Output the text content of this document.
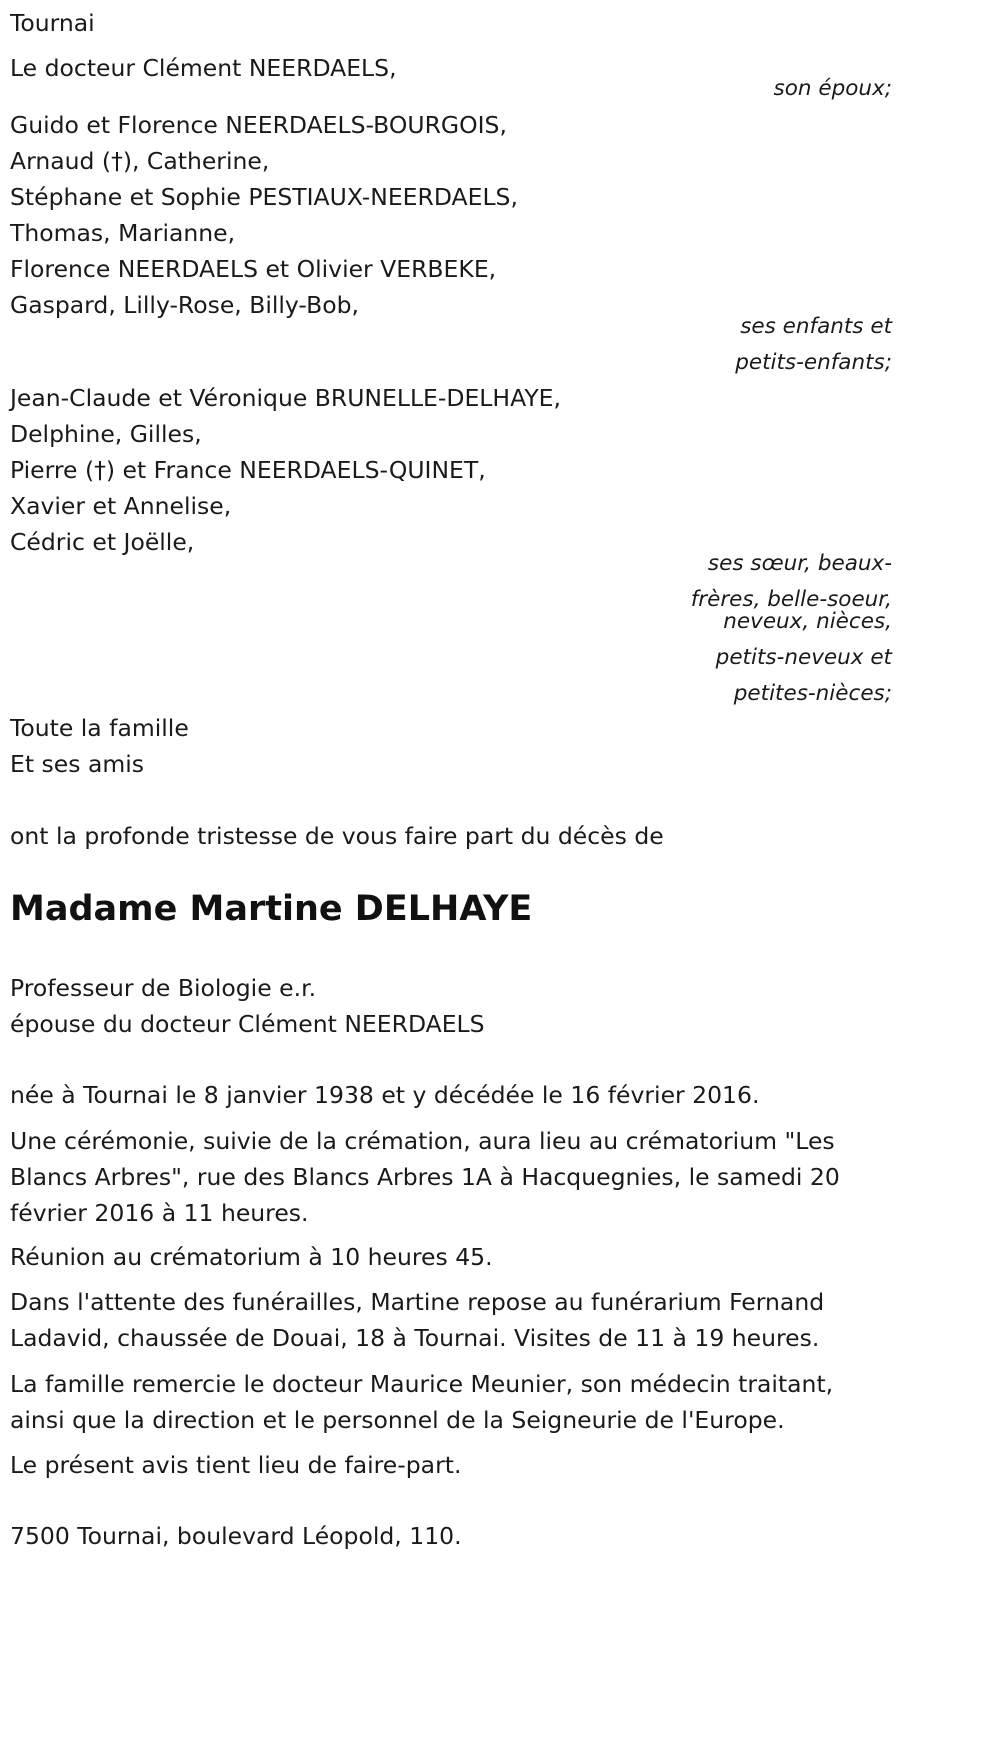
Tournai
Le docteur Clément NEERDAELS,
son époux;
Guido et Florence NEERDAELS-BOURGOIS,
Arnaud (†), Catherine,
Stéphane et Sophie PESTIAUX-NEERDAELS,
Thomas, Marianne,
Florence NEERDAELS et Olivier VERBEKE,
Gaspard, Lilly-Rose, Billy-Bob,
ses enfants et
petits-enfants;
Jean-Claude et Véronique BRUNELLE-DELHAYE,
Delphine, Gilles,
Pierre (†) et France NEERDAELS-QUINET,
Xavier et Annelise,
Cédric et Joëlle,
ses sœur, beaux-
frères, belle-soeur,
neveux, nièces,
petits-neveux et
petites-nièces;
Toute la famille
Et ses amis
ont la profonde tristesse de vous faire part du décès de
Madame Martine DELHAYE
Professeur de Biologie e.r.
épouse du docteur Clément NEERDAELS
née à Tournai le 8 janvier 1938 et y décédée le 16 février 2016.
Une cérémonie, suivie de la crémation, aura lieu au crématorium "Les
Blancs Arbres", rue des Blancs Arbres 1A à Hacquegnies, le samedi 20
février 2016 à 11 heures.
Réunion au crématorium à 10 heures 45.
Dans l'attente des funérailles, Martine repose au funérarium Fernand
Ladavid, chaussée de Douai, 18 à Tournai. Visites de 11 à 19 heures.
La famille remercie le docteur Maurice Meunier, son médecin traitant,
ainsi que la direction et le personnel de la Seigneurie de l'Europe.
Le présent avis tient lieu de faire-part.
7500 Tournai, boulevard Léopold, 110.
